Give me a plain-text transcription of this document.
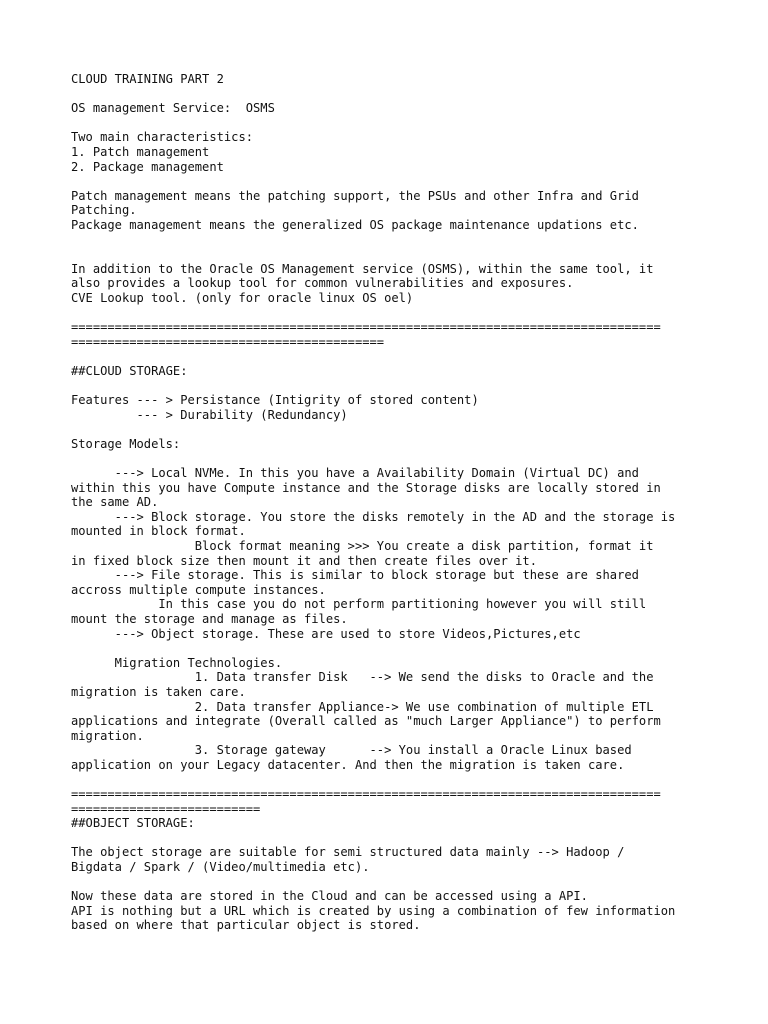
CLOUD TRAINING PART 2
OS management Service:  OSMS
Two main characteristics:
1. Patch management
2. Package management
Patch management means the patching support, the PSUs and other Infra and Grid
Patching.
Package management means the generalized OS package maintenance updations etc.
In addition to the Oracle OS Management service (OSMS), within the same tool, it
also provides a lookup tool for common vulnerabilities and exposures.
CVE Lookup tool. (only for oracle linux OS oel)
=================================================================================
===========================================
##CLOUD STORAGE:
Features --- > Persistance (Intigrity of stored content)
--- > Durability (Redundancy)
Storage Models:
---> Local NVMe. In this you have a Availability Domain (Virtual DC) and
within this you have Compute instance and the Storage disks are locally stored in
the same AD.
---> Block storage. You store the disks remotely in the AD and the storage is
mounted in block format.
Block format meaning >>> You create a disk partition, format it
in fixed block size then mount it and then create files over it.
---> File storage. This is similar to block storage but these are shared
accross multiple compute instances.
In this case you do not perform partitioning however you will still
mount the storage and manage as files.
---> Object storage. These are used to store Videos,Pictures,etc
Migration Technologies.
1. Data transfer Disk   --> We send the disks to Oracle and the
migration is taken care.
2. Data transfer Appliance-> We use combination of multiple ETL
applications and integrate (Overall called as "much Larger Appliance") to perform
migration.
3. Storage gateway      --> You install a Oracle Linux based
application on your Legacy datacenter. And then the migration is taken care.
=================================================================================
==========================
##OBJECT STORAGE:
The object storage are suitable for semi structured data mainly --> Hadoop /
Bigdata / Spark / (Video/multimedia etc).
Now these data are stored in the Cloud and can be accessed using a API.
API is nothing but a URL which is created by using a combination of few information
based on where that particular object is stored.
